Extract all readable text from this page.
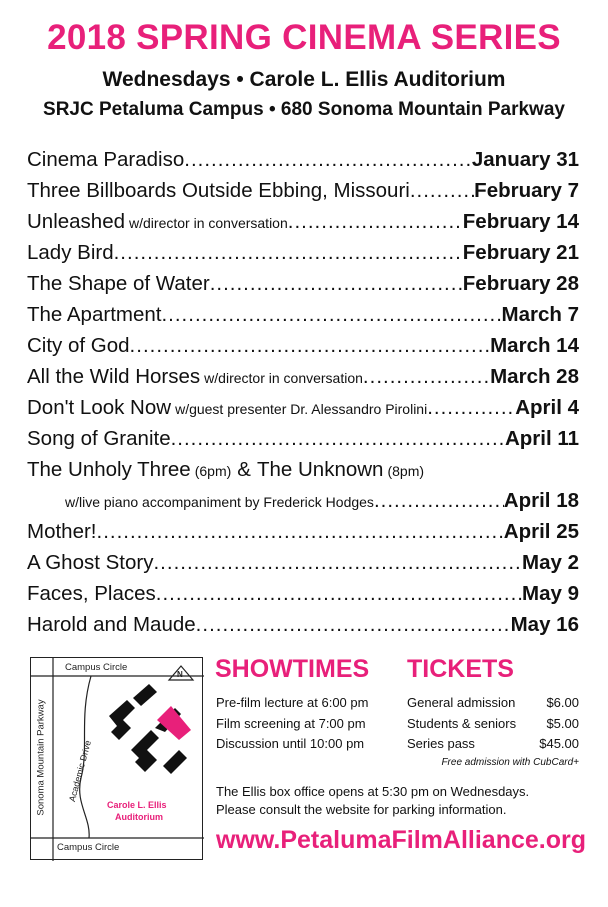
2018 SPRING CINEMA SERIES
Wednesdays • Carole L. Ellis Auditorium
SRJC Petaluma Campus • 680 Sonoma Mountain Parkway
Cinema Paradiso .....	January 31
Three Billboards Outside Ebbing, Missouri .....	February 7
Unleashed w/director in conversation .....	February 14
Lady Bird .....	February 21
The Shape of Water .....	February 28
The Apartment .....	March 7
City of God .....	March 14
All the Wild Horses w/director in conversation .....	March 28
Don't Look Now w/guest presenter Dr. Alessandro Pirolini .....	April 4
Song of Granite .....	April 11
The Unholy Three (6pm) & The Unknown (8pm)
w/live piano accompaniment by Frederick Hodges .....	April 18
Mother! .....	April 25
A Ghost Story .....	May 2
Faces, Places .....	May 9
Harold and Maude .....	May 16
N
Carole L. Ellis
Auditorium
Campus Circle
Campus Circle
Sonoma Mountain Parkway	Academic Drive
SHOWTIMES TICKETS
Pre-film lecture at 6:00 pm
Film screening at 7:00 pm
Discussion until 10:00 pm
General admission $6.00
Students & seniors $5.00
Series pass	$45.00
Free admission with CubCard+
The Ellis box office opens at 5:30 pm on Wednesdays.
Please consult the website for parking information.
www.PetalumaFilmAlliance.org
